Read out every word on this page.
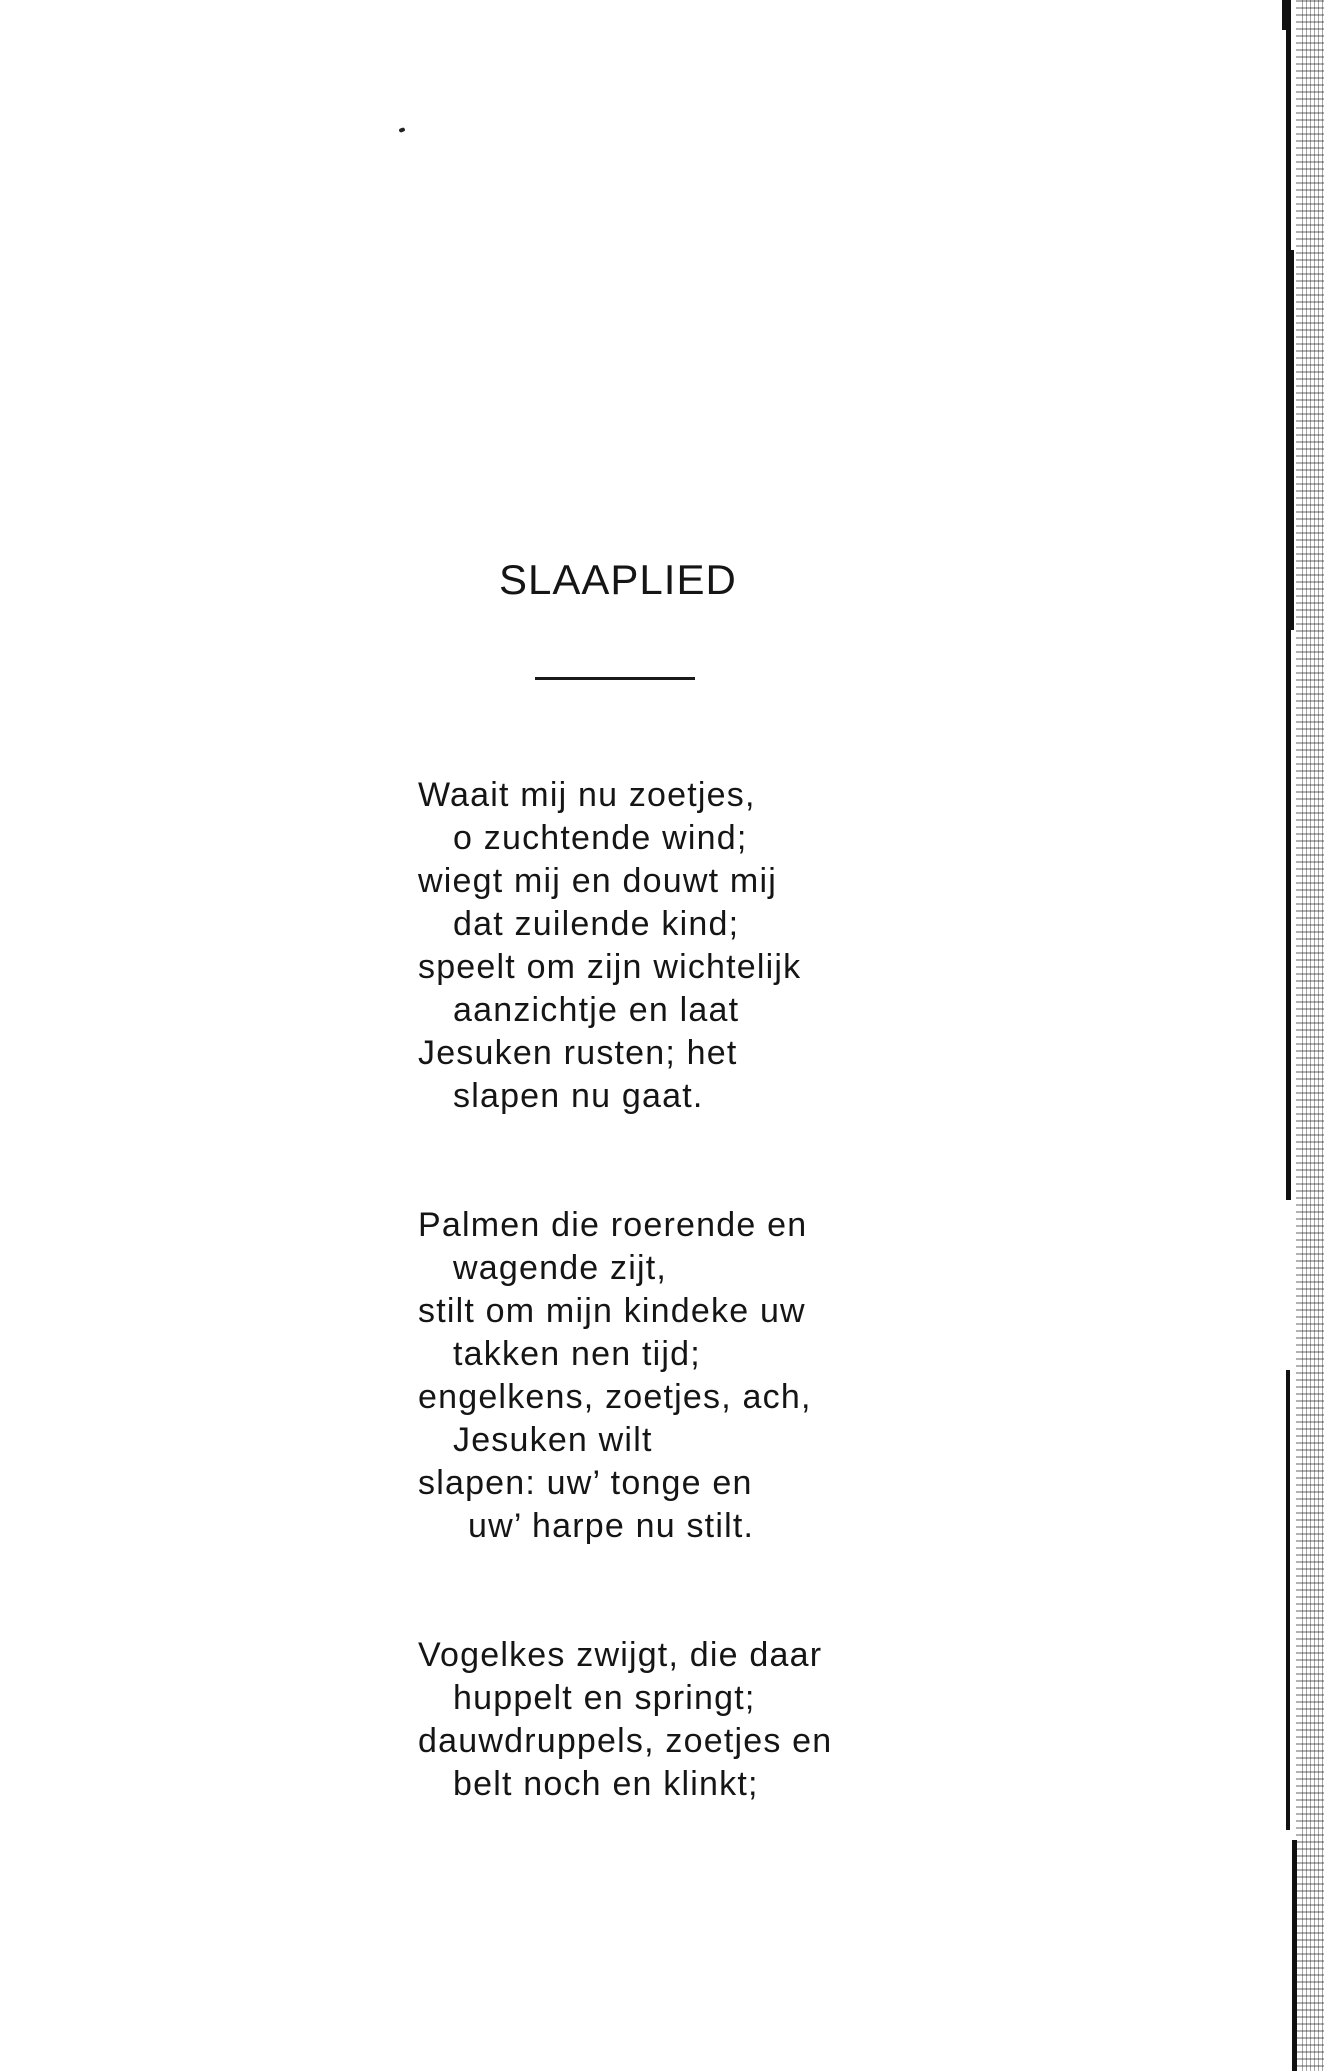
SLAAPLIED
Waait mij nu zoetjes,
o zuchtende wind;
wiegt mij en douwt mij
dat zuilende kind;
speelt om zijn wichtelijk
aanzichtje en laat
Jesuken rusten; het
slapen nu gaat.
Palmen die roerende en
wagende zijt,
stilt om mijn kindeke uw
takken nen tijd;
engelkens, zoetjes, ach,
Jesuken wilt
slapen: uw’ tonge en
uw’ harpe nu stilt.
Vogelkes zwijgt, die daar
huppelt en springt;
dauwdruppels, zoetjes en
belt noch en klinkt;
